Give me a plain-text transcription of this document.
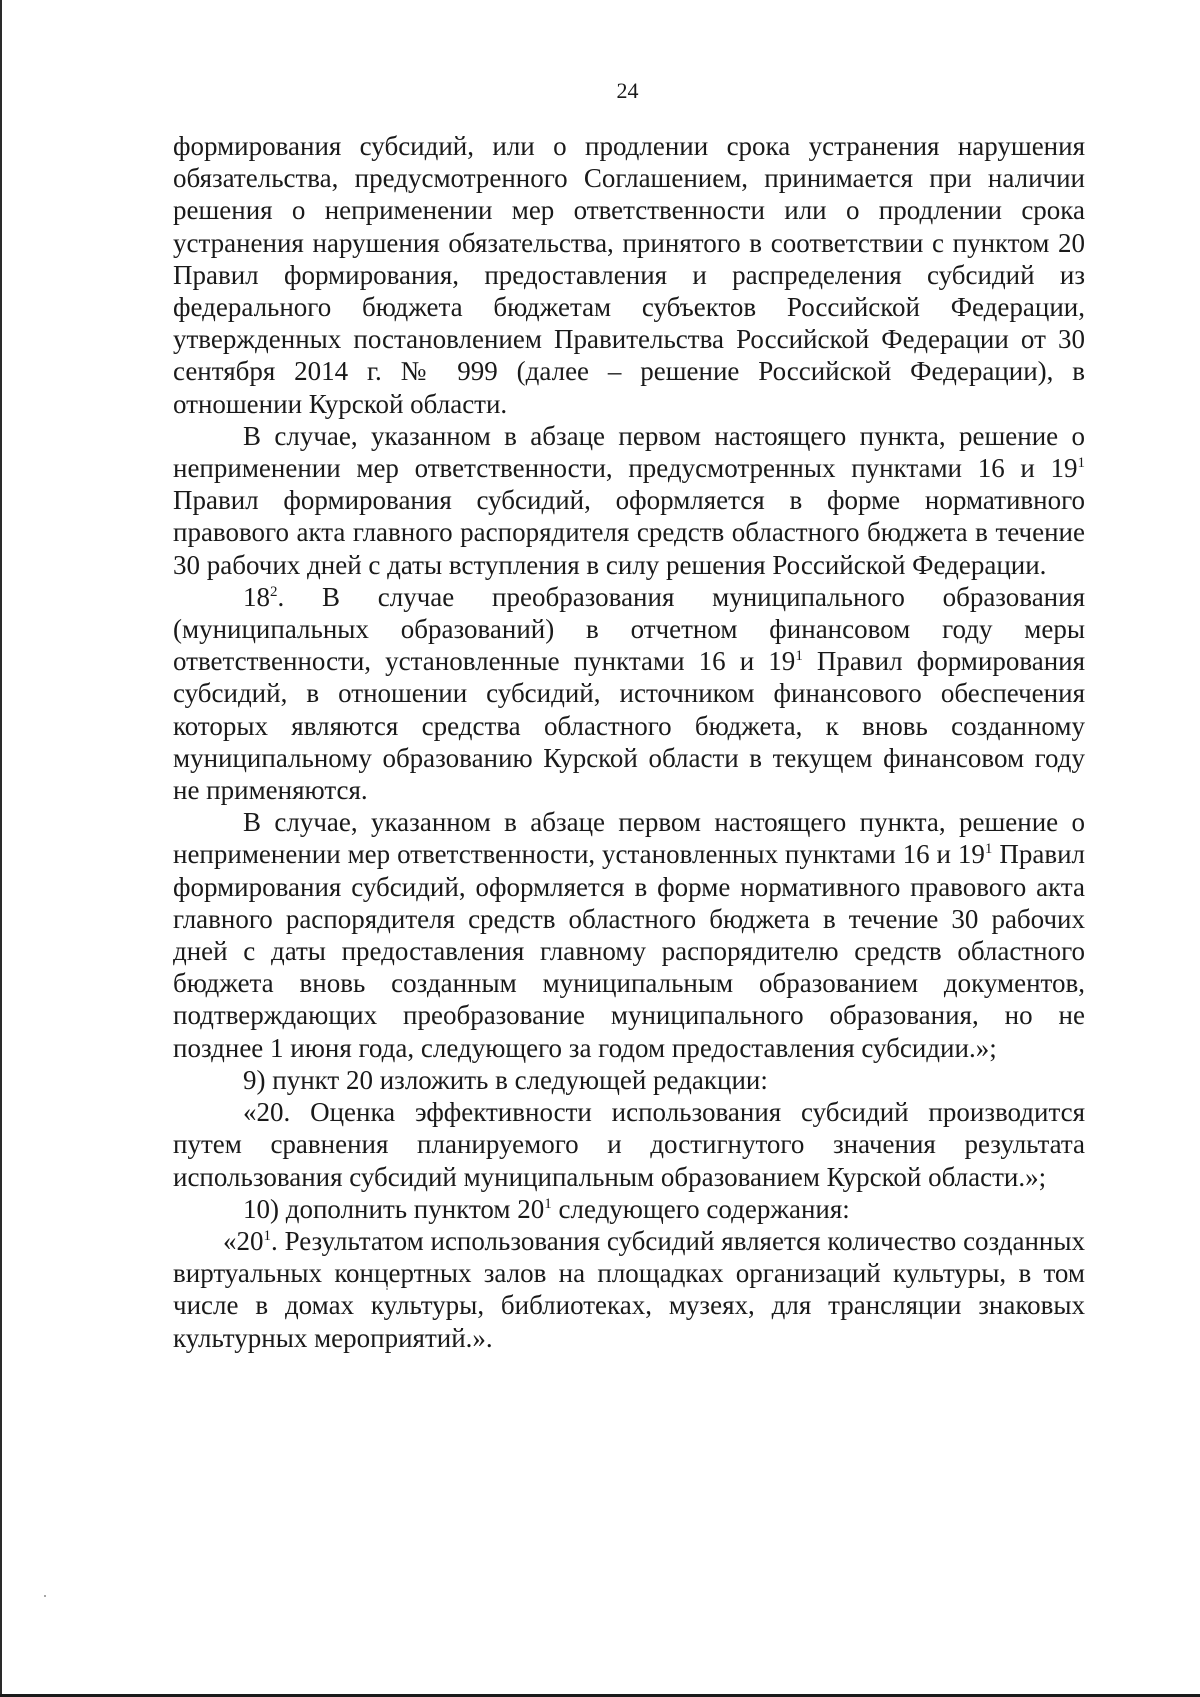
24

формирования субсидий, или о продлении срока устранения нарушения обязательства, предусмотренного Соглашением, принимается при наличии решения о неприменении мер ответственности или о продлении срока устранения нарушения обязательства, принятого в соответствии с пунктом 20 Правил формирования, предоставления и распределения субсидий из федерального бюджета бюджетам субъектов Российской Федерации, утвержденных постановлением Правительства Российской Федерации от 30 сентября 2014 г. № 999 (далее – решение Российской Федерации), в отношении Курской области.

В случае, указанном в абзаце первом настоящего пункта, решение о неприменении мер ответственности, предусмотренных пунктами 16 и $19^1$ Правил формирования субсидий, оформляется в форме нормативного правового акта главного распорядителя средств областного бюджета в течение 30 рабочих дней с даты вступления в силу решения Российской Федерации.

$18^2$. В случае преобразования муниципального образования (муниципальных образований) в отчетном финансовом году меры ответственности, установленные пунктами 16 и $19^1$ Правил формирования субсидий, в отношении субсидий, источником финансового обеспечения которых являются средства областного бюджета, к вновь созданному муниципальному образованию Курской области в текущем финансовом году не применяются.

В случае, указанном в абзаце первом настоящего пункта, решение о неприменении мер ответственности, установленных пунктами 16 и $19^1$ Правил формирования субсидий, оформляется в форме нормативного правового акта главного распорядителя средств областного бюджета в течение 30 рабочих дней с даты предоставления главному распорядителю средств областного бюджета вновь созданным муниципальным образованием документов, подтверждающих преобразование муниципального образования, но не позднее 1 июня года, следующего за годом предоставления субсидии.»;

9) пункт 20 изложить в следующей редакции:

«20. Оценка эффективности использования субсидий производится путем сравнения планируемого и достигнутого значения результата использования субсидий муниципальным образованием Курской области.»;

10) дополнить пунктом $20^1$ следующего содержания:

«$20^1$. Результатом использования субсидий является количество созданных виртуальных концертных залов на площадках организаций культуры, в том числе в домах культуры, библиотеках, музеях, для трансляции знаковых культурных мероприятий.».
